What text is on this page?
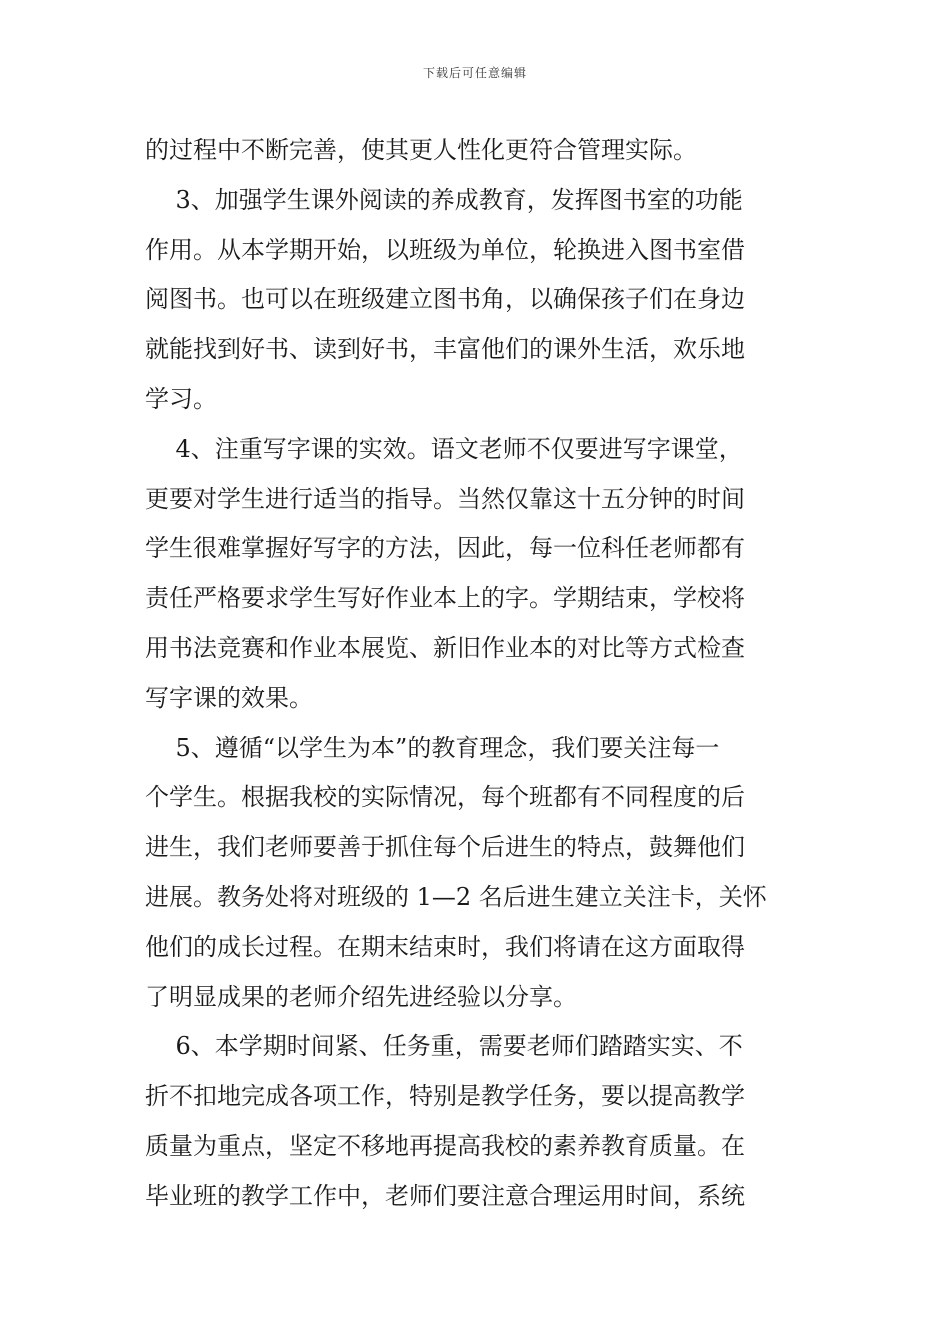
下载后可任意编辑
的过程中不断完善，使其更人性化更符合管理实际。
3、加强学生课外阅读的养成教育，发挥图书室的功能
作用。从本学期开始，以班级为单位，轮换进入图书室借
阅图书。也可以在班级建立图书角，以确保孩子们在身边
就能找到好书、读到好书，丰富他们的课外生活，欢乐地
学习。
4、注重写字课的实效。语文老师不仅要进写字课堂，
更要对学生进行适当的指导。当然仅靠这十五分钟的时间
学生很难掌握好写字的方法，因此，每一位科任老师都有
责任严格要求学生写好作业本上的字。学期结束，学校将
用书法竞赛和作业本展览、新旧作业本的对比等方式检查
写字课的效果。
5、遵循“以学生为本”的教育理念，我们要关注每一
个学生。根据我校的实际情况，每个班都有不同程度的后
进生，我们老师要善于抓住每个后进生的特点，鼓舞他们
进展。教务处将对班级的 1—2 名后进生建立关注卡，关怀
他们的成长过程。在期末结束时，我们将请在这方面取得
了明显成果的老师介绍先进经验以分享。
6、本学期时间紧、任务重，需要老师们踏踏实实、不
折不扣地完成各项工作，特别是教学任务，要以提高教学
质量为重点，坚定不移地再提高我校的素养教育质量。在
毕业班的教学工作中，老师们要注意合理运用时间，系统
